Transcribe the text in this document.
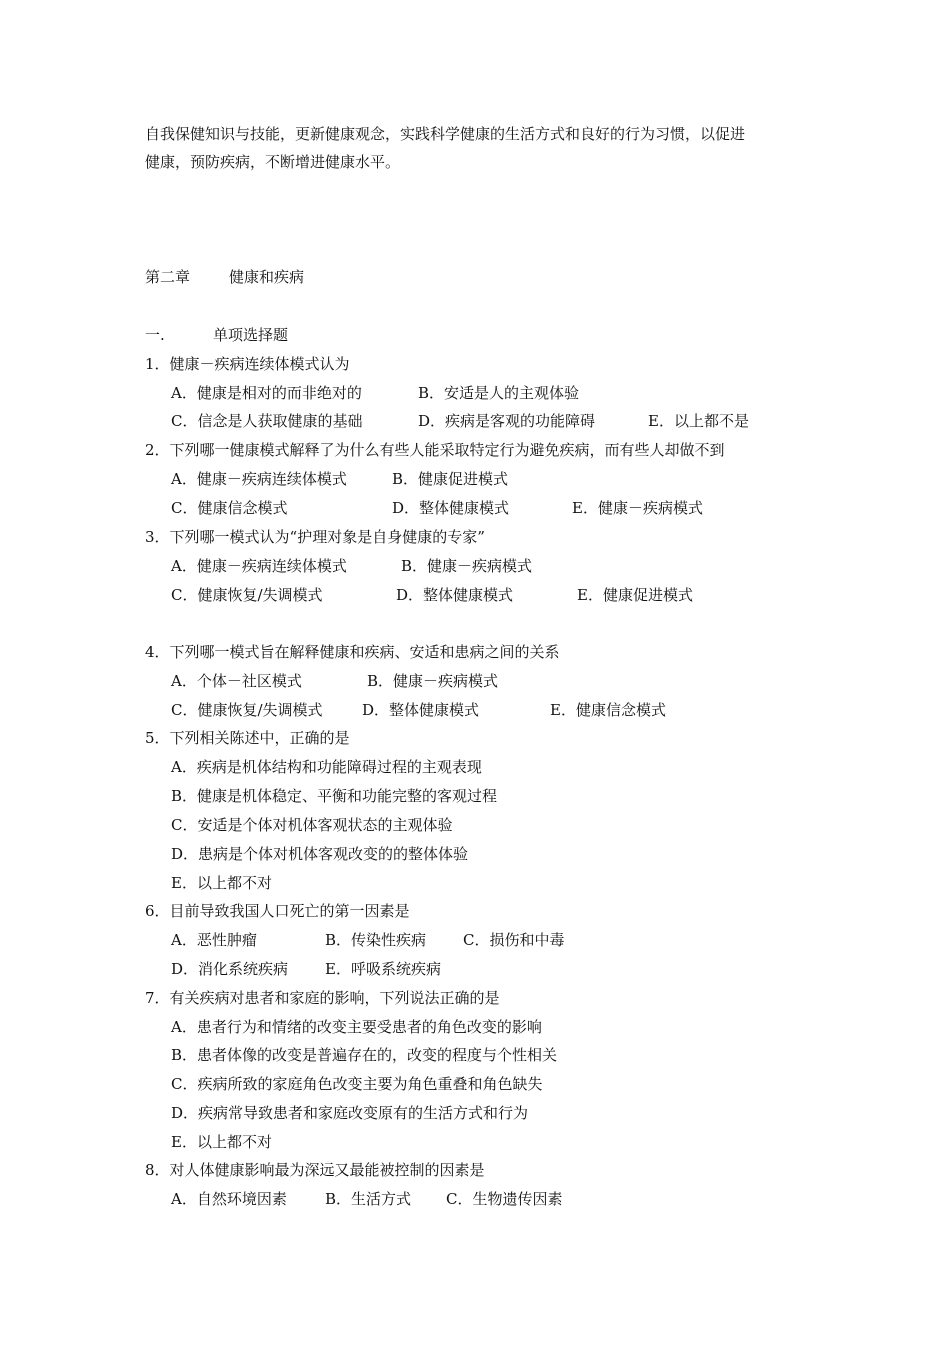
自我保健知识与技能，更新健康观念，实践科学健康的生活方式和良好的行为习惯，以促进
健康，预防疾病，不断增进健康水平。
第二章	健康和疾病
一.	单项选择题
1．健康－疾病连续体模式认为
A．健康是相对的而非绝对的	B．安适是人的主观体验
C．信念是人获取健康的基础	D．疾病是客观的功能障碍	E．以上都不是
2．下列哪一健康模式解释了为什么有些人能采取特定行为避免疾病，而有些人却做不到
A．健康－疾病连续体模式	B．健康促进模式
C．健康信念模式	D．整体健康模式	E．健康－疾病模式
3．下列哪一模式认为“护理对象是自身健康的专家”
A．健康－疾病连续体模式	B．健康－疾病模式
C．健康恢复/失调模式	D．整体健康模式	E．健康促进模式
4．下列哪一模式旨在解释健康和疾病、安适和患病之间的关系
A．个体－社区模式	B．健康－疾病模式
C．健康恢复/失调模式	D．整体健康模式	E．健康信念模式
5．下列相关陈述中，正确的是
A．疾病是机体结构和功能障碍过程的主观表现
B．健康是机体稳定、平衡和功能完整的客观过程
C．安适是个体对机体客观状态的主观体验
D．患病是个体对机体客观改变的的整体体验
E．以上都不对
6．目前导致我国人口死亡的第一因素是
A．恶性肿瘤	B．传染性疾病 C．损伤和中毒
D．消化系统疾病 E．呼吸系统疾病
7．有关疾病对患者和家庭的影响，下列说法正确的是
A．患者行为和情绪的改变主要受患者的角色改变的影响
B．患者体像的改变是普遍存在的，改变的程度与个性相关
C．疾病所致的家庭角色改变主要为角色重叠和角色缺失
D．疾病常导致患者和家庭改变原有的生活方式和行为
E．以上都不对
8．对人体健康影响最为深远又最能被控制的因素是
A．自然环境因素	B．生活方式 C．生物遗传因素
